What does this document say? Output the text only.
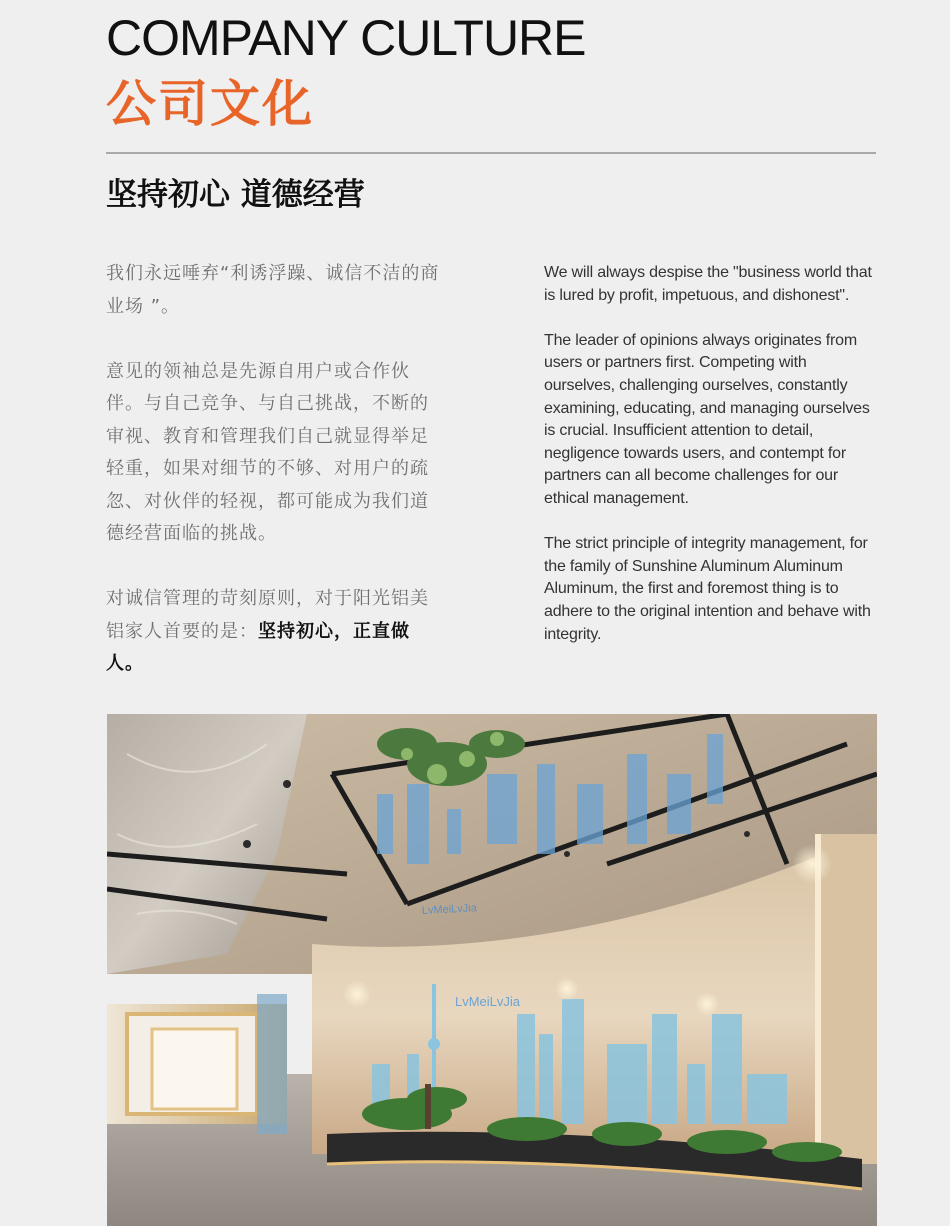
COMPANY CULTURE
公司文化
坚持初心 道德经营

我们永远唾弃“利诱浮躁、诚信不洁的商业场 ”。

意见的领袖总是先源自用户或合作伙伴。与自己竞争、与自己挑战，不断的审视、教育和管理我们自己就显得举足轻重，如果对细节的不够、对用户的疏忽、对伙伴的轻视，都可能成为我们道德经营面临的挑战。

对诚信管理的苛刻原则，对于阳光铝美铝家人首要的是：坚持初心，正直做人。

We will always despise the "business world that is lured by profit, impetuous, and dishonest".

The leader of opinions always originates from users or partners first. Competing with ourselves, challenging ourselves, constantly examining, educating, and managing ourselves is crucial. Insufficient attention to detail, negligence towards users, and contempt for partners can all become challenges for our ethical management.

The strict principle of integrity management, for the family of Sunshine Aluminum Aluminum Aluminum, the first and foremost thing is to adhere to the original intention and behave with integrity.

LvMeiLvJia
LvMeiLvJia
